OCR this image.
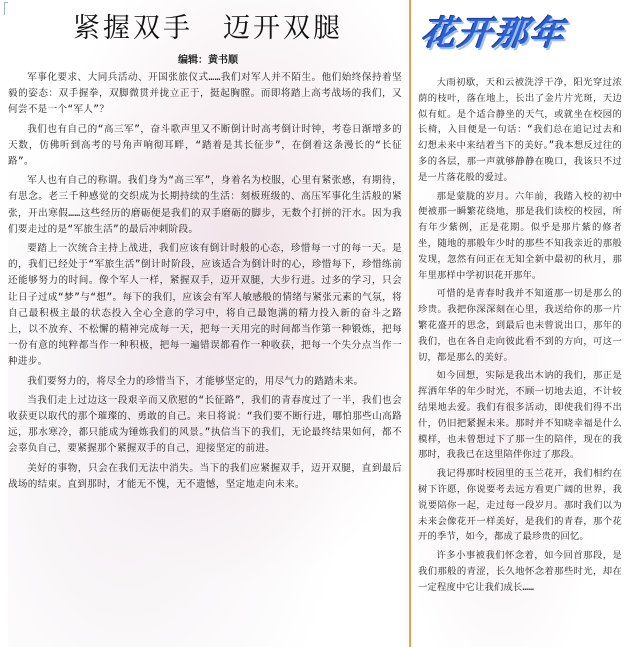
紧握双手　迈开双腿
编辑：黄书顺

军事化要求、大同兵活动、开国张旅仪式……我们对军人并不陌生。他们始终保持着坚毅的姿态：双手握拳，双脚微贯并拢立正于，挺起胸膛。而即将踏上高考战场的我们，又何尝不是一个“军人”？

我们也有自己的“高三军”，奋斗歌声里又不断倒计时高考倒计时钟，考卷日渐增多的天数，仿佛听到高考的号角声响彻耳畔，“踏着是其长征步”，在倒着这条漫长的“长征路”。

军人也有自己的称谓。我们身为“高三军”，身着名为校服，心里有紧张感，有期待，有思念。老三千种感觉的交织成为长期持续的生活：刻板班级的、高压军事化生活般的紧张，开出寒假……这些经历的磨砺便是我们的双手磨砺的脚步，无数个打拼的汗水。因为我们要走过的是“军旅生活”的最后冲刺阶段。

要踏上一次统合主持上战进，我们应该有倒计时般的心态，珍惜每一寸的每一天。是的，我们已经处于“军旅生活”倒计时阶段，应该适合为倒计时的心，珍惜每下，珍惜练前还能够努力的时间。像个军人一样，紧握双手，迈开双腿，大步行进。过多的学习，只会让日子过成“梦”与“想”。每下的我们，应该会有军人敏感般的情绪与紧张元素的气氛，将自己最积极主最的状态投入全心全意的学习中，将自己最饱满的精力投入新的奋斗之路上，以不放弃、不松懈的精神完成每一天，把每一天用完的时间都当作第一种锻炼，把每一份有意的纯粹都当作一种积极，把每一遍错误都看作一种收获，把每一个失分点当作一种进步。

我们要努力的，将尽全力的珍惜当下，才能够坚定的，用尽气力的踏踏未来。

当我们走上过边这一段艰辛而又欣慰的“长征路”，我们的青春度过了一半，我们也会收获更以取代的那个璀璨的、勇敢的自己。来日将说：“我们要不断行进，哪怕那些山高路远，那水寒冷，都只能成为锤炼我们的风景。”执信当下的我们，无论最终结果如何，都不会辜负自己，要紧握那个紧握双手的自己，迎接坚定的前进。

美好的事物，只会在我们无法中消失。当下的我们应紧握双手，迈开双腿，直到最后战场的结束。直到那时，才能无不愧，无不遗憾，坚定地走向未来。

花开那年

大雨初歇，天和云被洗浮干净，阳光穿过浓荫的枝叶，落在地上，长出了金片片光斑，天边似有虹。是个适合静坐的天气，或就坐在校园的长椅，入目便是一句话：“我们总在追记过去和幻想未来中来结着当下的美好。”我本想反过往的多的各层，那一声就够静静在晚口，我该只不过是一片落花般的爱过。

那是蒙胧的岁月。六年前，我踏入校的初中便被那一瞬繁花绕地，那是我们读校的校园，所有年少紫例，正是花期。似乎是那片紫的修者坐，随地的那般年少时的那些不知我亲近的那般发现，忽然有问正在无知全新中最初的秋月，那年里那样中学初识花开那年。

可惜的是青春时我并不知道那一切是那么的珍贵。我把你深深刻在心里，我送给你的那一片繁花盛开的思念，到最后也未曾说出口，那年的我们，也在各自走向彼此看不到的方向，可这一切，都是那么的美好。

如今回想，实际是我出木讷的我们，那正是挥洒年华的年少时光，不顾一切地去追，不计较结果地去爱。我们有很多活动，即使我们得不出什，仍旧把紧握未来。那时并不知晓幸福是什么模样，也未曾想过下了那一生的陪伴，现在的我那时，我我已在这里陪伴你过了那段。

我记得那时校园里的玉兰花开，我们相约在树下许愿，你说要考去远方看更广阔的世界，我说要陪你一起，走过每一段岁月。那时我们以为未来会像花开一样美好，是我们的青春，那个花开的季节，如今，都成了最珍贵的回忆。

许多小事被我们怀念着，如今回首那段，是我们那般的青涩，长久地怀念着那些时光，却在一定程度中它让我们成长……
